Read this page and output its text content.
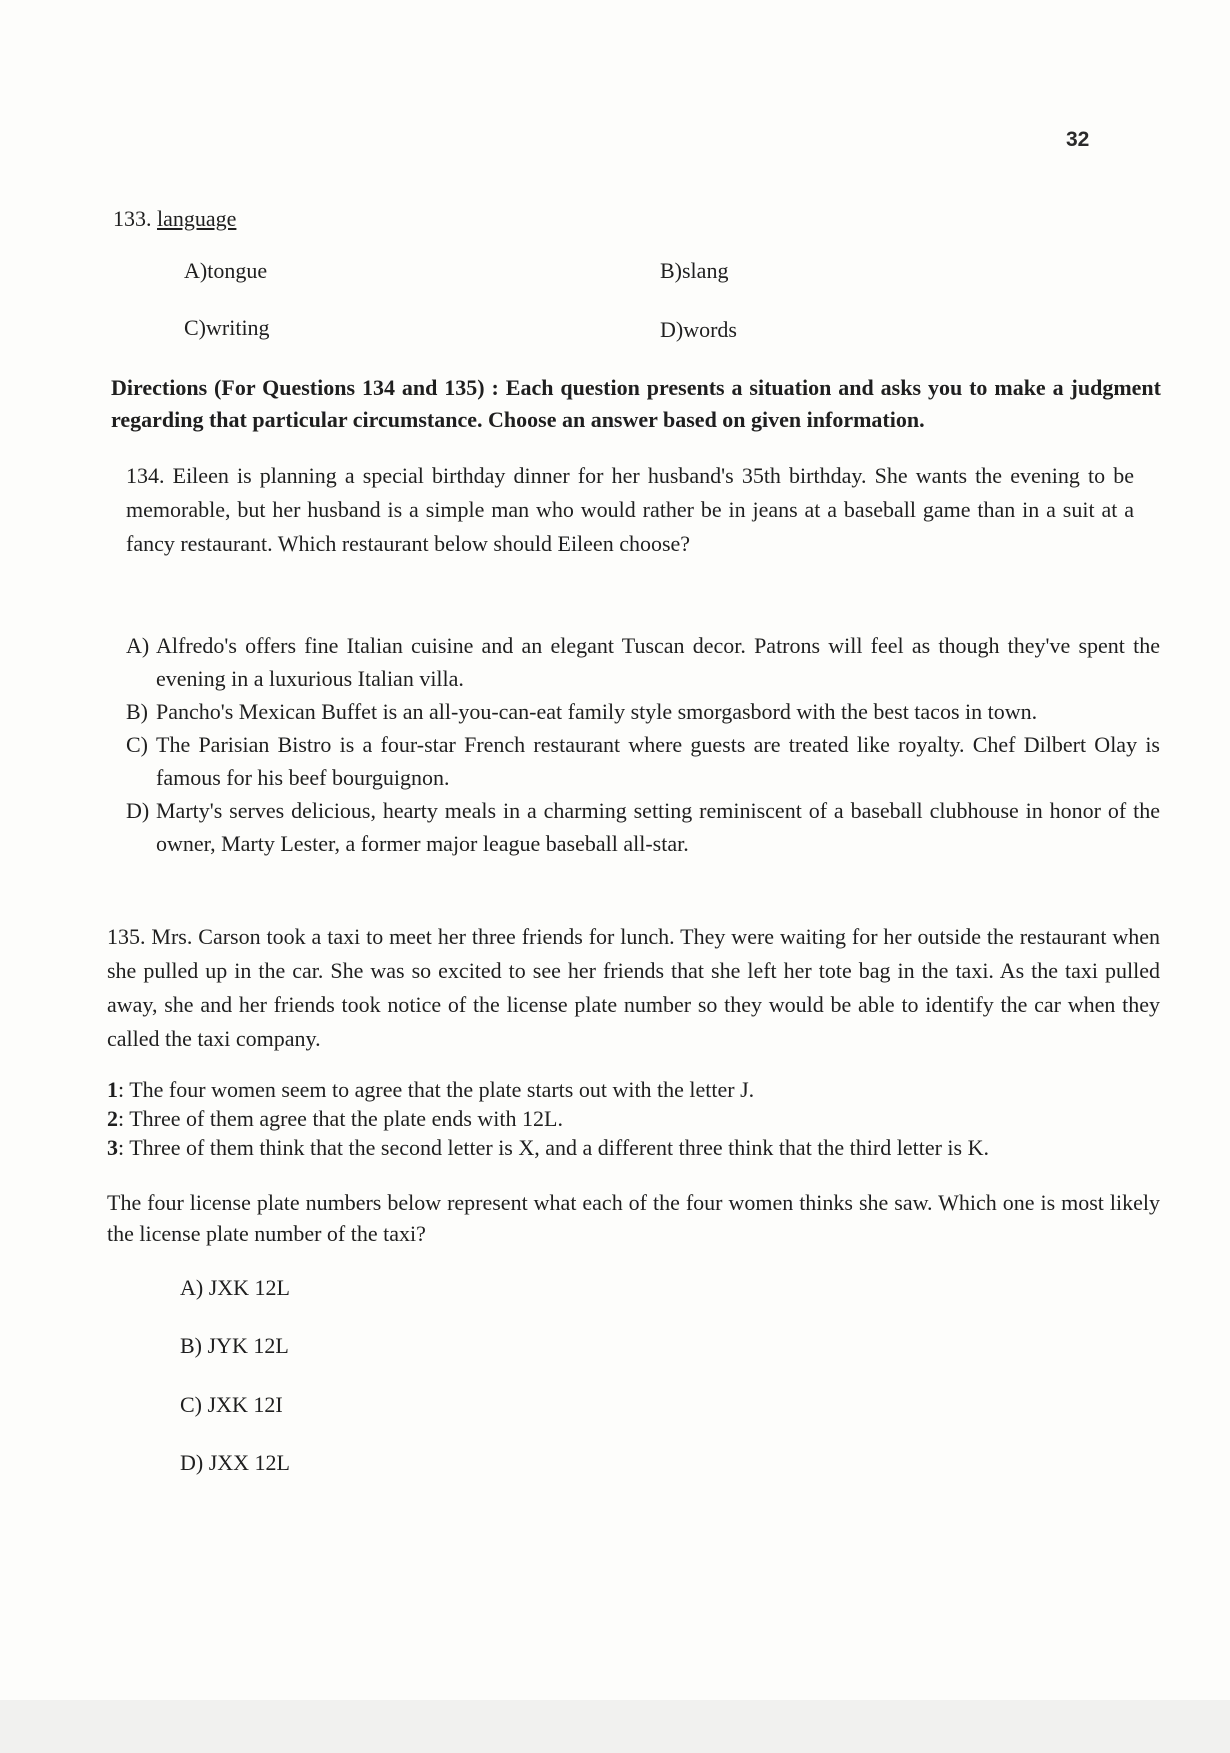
32
133. language
A)tongue	B)slang
C)writing	D)words
Directions (For Questions 134 and 135) : Each question presents a situation and asks you to make a judgment regarding that particular circumstance. Choose an answer based on given information.
134. Eileen is planning a special birthday dinner for her husband's 35th birthday. She wants the evening to be memorable, but her husband is a simple man who would rather be in jeans at a baseball game than in a suit at a fancy restaurant. Which restaurant below should Eileen choose?
A) Alfredo's offers fine Italian cuisine and an elegant Tuscan decor. Patrons will feel as though they've spent the evening in a luxurious Italian villa.
B) Pancho's Mexican Buffet is an all-you-can-eat family style smorgasbord with the best tacos in town.
C) The Parisian Bistro is a four-star French restaurant where guests are treated like royalty. Chef Dilbert Olay is famous for his beef bourguignon.
D) Marty's serves delicious, hearty meals in a charming setting reminiscent of a baseball clubhouse in honor of the owner, Marty Lester, a former major league baseball all-star.
135. Mrs. Carson took a taxi to meet her three friends for lunch. They were waiting for her outside the restaurant when she pulled up in the car. She was so excited to see her friends that she left her tote bag in the taxi. As the taxi pulled away, she and her friends took notice of the license plate number so they would be able to identify the car when they called the taxi company.
1: The four women seem to agree that the plate starts out with the letter J.
2: Three of them agree that the plate ends with 12L.
3: Three of them think that the second letter is X, and a different three think that the third letter is K.
The four license plate numbers below represent what each of the four women thinks she saw. Which one is most likely the license plate number of the taxi?
A) JXK 12L
B) JYK 12L
C) JXK 12I
D) JXX 12L
